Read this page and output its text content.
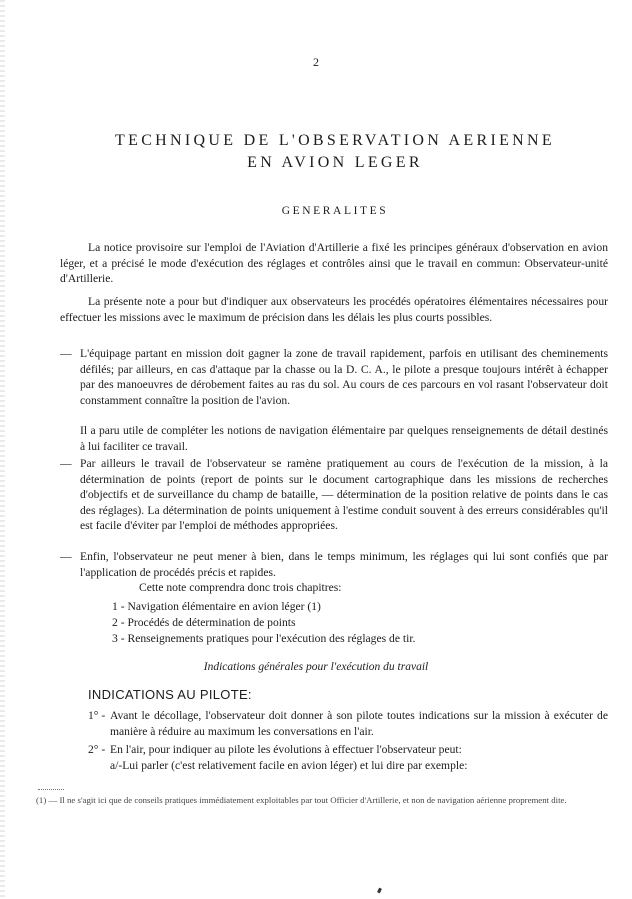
2
TECHNIQUE DE L'OBSERVATION AERIENNE
EN AVION LEGER
GENERALITES
La notice provisoire sur l'emploi de l'Aviation d'Artillerie a fixé les principes généraux d'observation en avion léger, et a précisé le mode d'exécution des réglages et contrôles ainsi que le travail en commun: Observateur-unité d'Artillerie.
La présente note a pour but d'indiquer aux observateurs les procédés opératoires élémentaires nécessaires pour effectuer les missions avec le maximum de précision dans les délais les plus courts possibles.
— L'équipage partant en mission doit gagner la zone de travail rapidement, parfois en utilisant des cheminements défilés; par ailleurs, en cas d'attaque par la chasse ou la D. C. A., le pilote a presque toujours intérêt à échapper par des manoeuvres de dérobement faites au ras du sol. Au cours de ces parcours en vol rasant l'observateur doit constamment connaître la position de l'avion.
Il a paru utile de compléter les notions de navigation élémentaire par quelques renseignements de détail destinés à lui faciliter ce travail.
— Par ailleurs le travail de l'observateur se ramène pratiquement au cours de l'exécution de la mission, à la détermination de points (report de points sur le document cartographique dans les missions de recherches d'objectifs et de surveillance du champ de bataille, — détermination de la position relative de points dans le cas des réglages). La détermination de points uniquement à l'estime conduit souvent à des erreurs considérables qu'il est facile d'éviter par l'emploi de méthodes appropriées.
— Enfin, l'observateur ne peut mener à bien, dans le temps minimum, les réglages qui lui sont confiés que par l'application de procédés précis et rapides.
Cette note comprendra donc trois chapitres:
1 - Navigation élémentaire en avion léger (1)
2 - Procédés de détermination de points
3 - Renseignements pratiques pour l'exécution des réglages de tir.
Indications générales pour l'exécution du travail
INDICATIONS AU PILOTE:
1° - Avant le décollage, l'observateur doit donner à son pilote toutes indications sur la mission à exécuter de manière à réduire au maximum les conversations en l'air.
2° - En l'air, pour indiquer au pilote les évolutions à effectuer l'observateur peut:
a/-Lui parler (c'est relativement facile en avion léger) et lui dire par exemple:
(1) — Il ne s'agit ici que de conseils pratiques immédiatement exploitables par tout Officier d'Artillerie, et non de navigation aérienne proprement dite.
